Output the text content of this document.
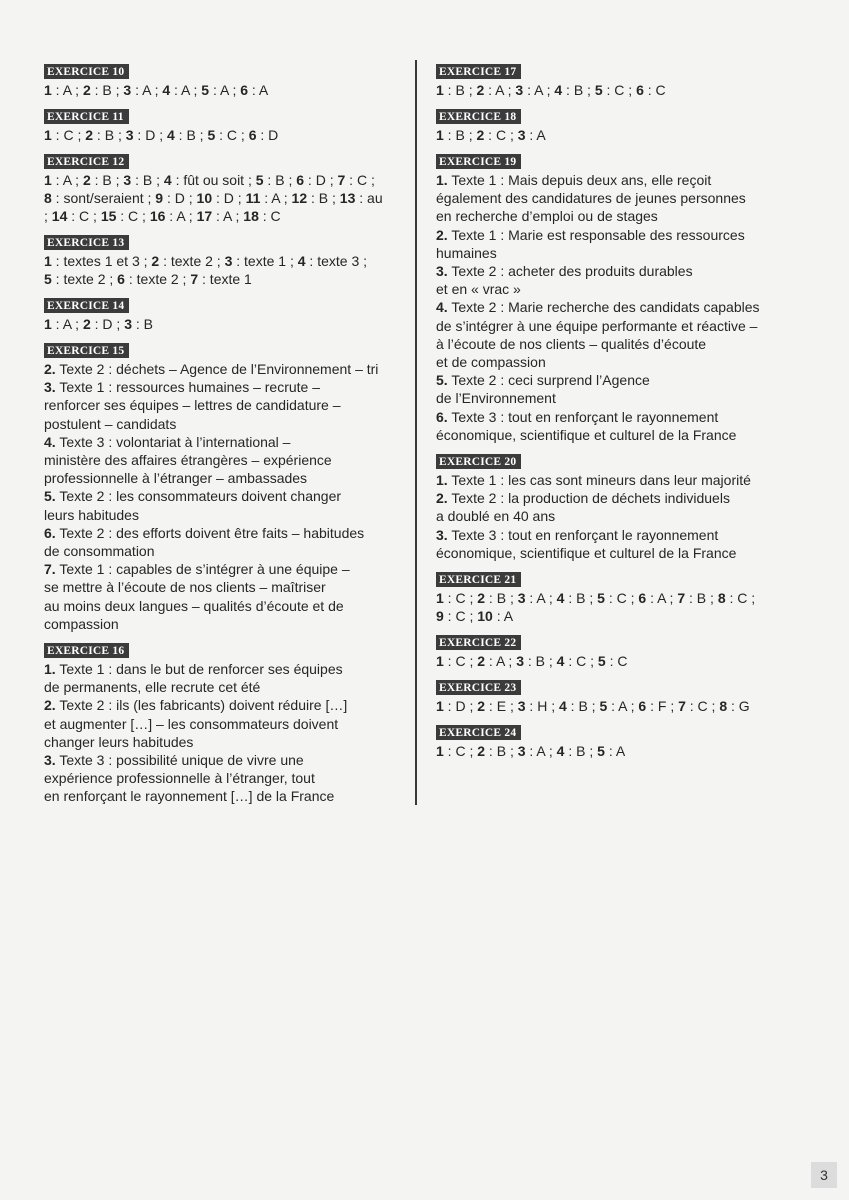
EXERCICE 10

1 : A ; 2 : B ; 3 : A ; 4 : A ; 5 : A ; 6 : A

EXERCICE 11

1 : C ; 2 : B ; 3 : D ; 4 : B ; 5 : C ; 6 : D

EXERCICE 12

1 : A ; 2 : B ; 3 : B ; 4 : fût ou soit ; 5 : B ; 6 : D ; 7 : C ;

8 : sont/seraient ; 9 : D ; 10 : D ; 11 : A ; 12 : B ; 13 : au

; 14 : C ; 15 : C ; 16 : A ; 17 : A ; 18 : C

EXERCICE 13

1 : textes 1 et 3 ; 2 : texte 2 ; 3 : texte 1 ; 4 : texte 3 ;

5 : texte 2 ; 6 : texte 2 ; 7 : texte 1

EXERCICE 14

1 : A ; 2 : D ; 3 : B

EXERCICE 15

2. Texte 2 : déchets – Agence de l’Environnement – tri

3. Texte 1 : ressources humaines – recrute –

renforcer ses équipes – lettres de candidature –

postulent – candidats

4. Texte 3 : volontariat à l’international –

ministère des affaires étrangères – expérience

professionnelle à l’étranger – ambassades

5. Texte 2 : les consommateurs doivent changer

leurs habitudes

6. Texte 2 : des efforts doivent être faits – habitudes

de consommation

7. Texte 1 : capables de s’intégrer à une équipe –

se mettre à l’écoute de nos clients – maîtriser

au moins deux langues – qualités d’écoute et de

compassion

EXERCICE 16

1. Texte 1 : dans le but de renforcer ses équipes

de permanents, elle recrute cet été

2. Texte 2 : ils (les fabricants) doivent réduire […]

et augmenter […] – les consommateurs doivent

changer leurs habitudes

3. Texte 3 : possibilité unique de vivre une

expérience professionnelle à l’étranger, tout

en renforçant le rayonnement […] de la France

EXERCICE 17

1 : B ; 2 : A ; 3 : A ; 4 : B ; 5 : C ; 6 : C

EXERCICE 18

1 : B ; 2 : C ; 3 : A

EXERCICE 19

1. Texte 1 : Mais depuis deux ans, elle reçoit

également des candidatures de jeunes personnes

en recherche d’emploi ou de stages

2. Texte 1 : Marie est responsable des ressources

humaines

3. Texte 2 : acheter des produits durables

et en « vrac »

4. Texte 2 : Marie recherche des candidats capables

de s’intégrer à une équipe performante et réactive –

à l’écoute de nos clients – qualités d’écoute

et de compassion

5. Texte 2 : ceci surprend l’Agence

de l’Environnement

6. Texte 3 : tout en renforçant le rayonnement

économique, scientifique et culturel de la France

EXERCICE 20

1. Texte 1 : les cas sont mineurs dans leur majorité

2. Texte 2 : la production de déchets individuels

a doublé en 40 ans

3. Texte 3 : tout en renforçant le rayonnement

économique, scientifique et culturel de la France

EXERCICE 21

1 : C ; 2 : B ; 3 : A ; 4 : B ; 5 : C ; 6 : A ; 7 : B ; 8 : C ;

9 : C ; 10 : A

EXERCICE 22

1 : C ; 2 : A ; 3 : B ; 4 : C ; 5 : C

EXERCICE 23

1 : D ; 2 : E ; 3 : H ; 4 : B ; 5 : A ; 6 : F ; 7 : C ; 8 : G

EXERCICE 24

1 : C ; 2 : B ; 3 : A ; 4 : B ; 5 : A

3
